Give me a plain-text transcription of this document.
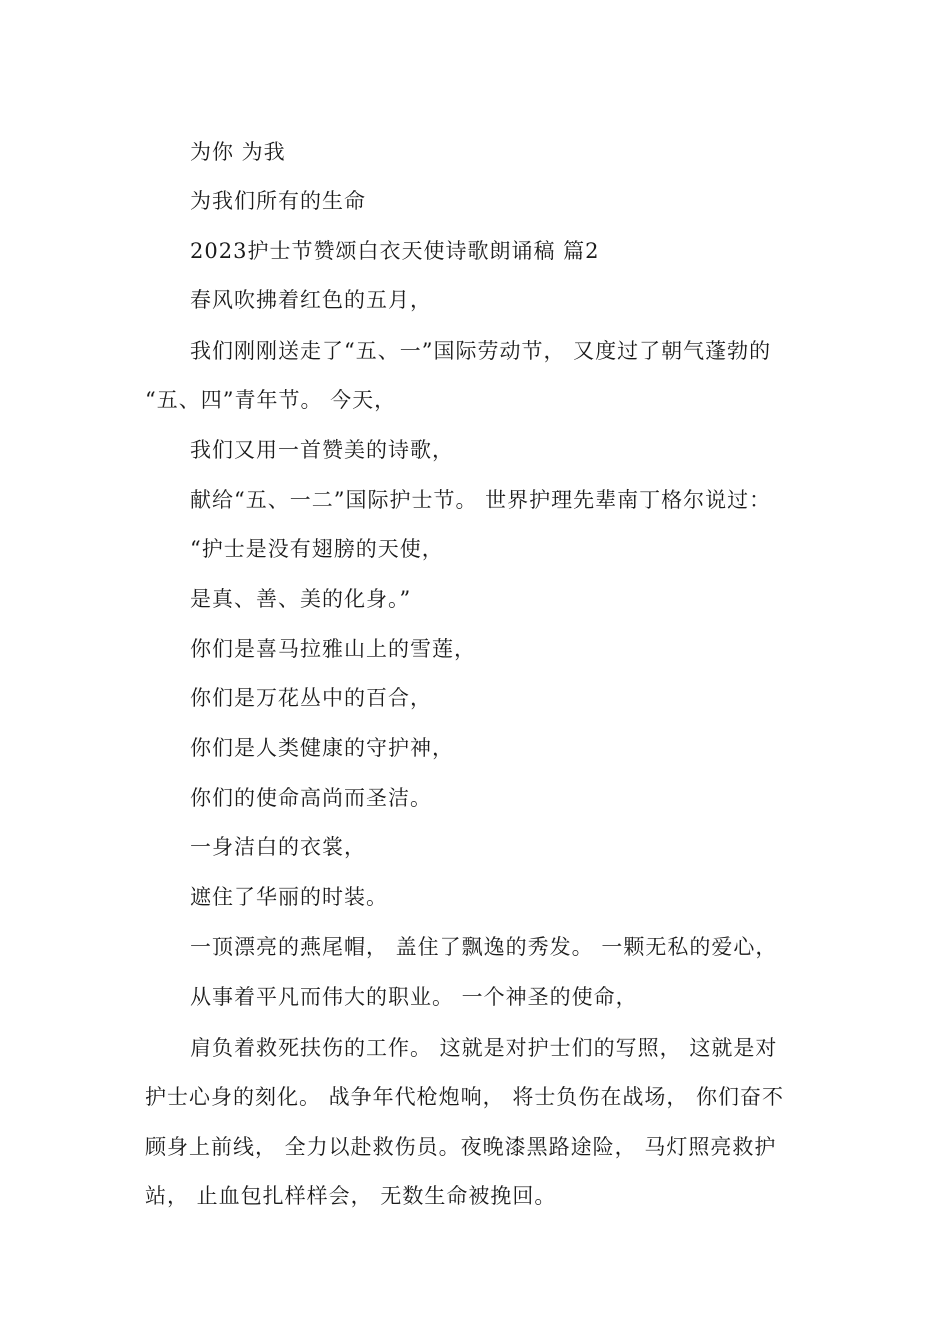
为你 为我

为我们所有的生命

2023护士节赞颂白衣天使诗歌朗诵稿 篇2

春风吹拂着红色的五月，

我们刚刚送走了“五、一”国际劳动节， 又度过了朝气蓬勃的

“五、四”青年节。 今天，

我们又用一首赞美的诗歌，

献给“五、一二”国际护士节。 世界护理先辈南丁格尔说过：

“护士是没有翅膀的天使，

是真、善、美的化身。”

你们是喜马拉雅山上的雪莲，

你们是万花丛中的百合，

你们是人类健康的守护神，

你们的使命高尚而圣洁。

一身洁白的衣裳，

遮住了华丽的时装。

一顶漂亮的燕尾帽， 盖住了飘逸的秀发。 一颗无私的爱心，

从事着平凡而伟大的职业。 一个神圣的使命，

肩负着救死扶伤的工作。 这就是对护士们的写照， 这就是对

护士心身的刻化。 战争年代枪炮响， 将士负伤在战场， 你们奋不

顾身上前线， 全力以赴救伤员。夜晚漆黑路途险， 马灯照亮救护

站， 止血包扎样样会， 无数生命被挽回。
